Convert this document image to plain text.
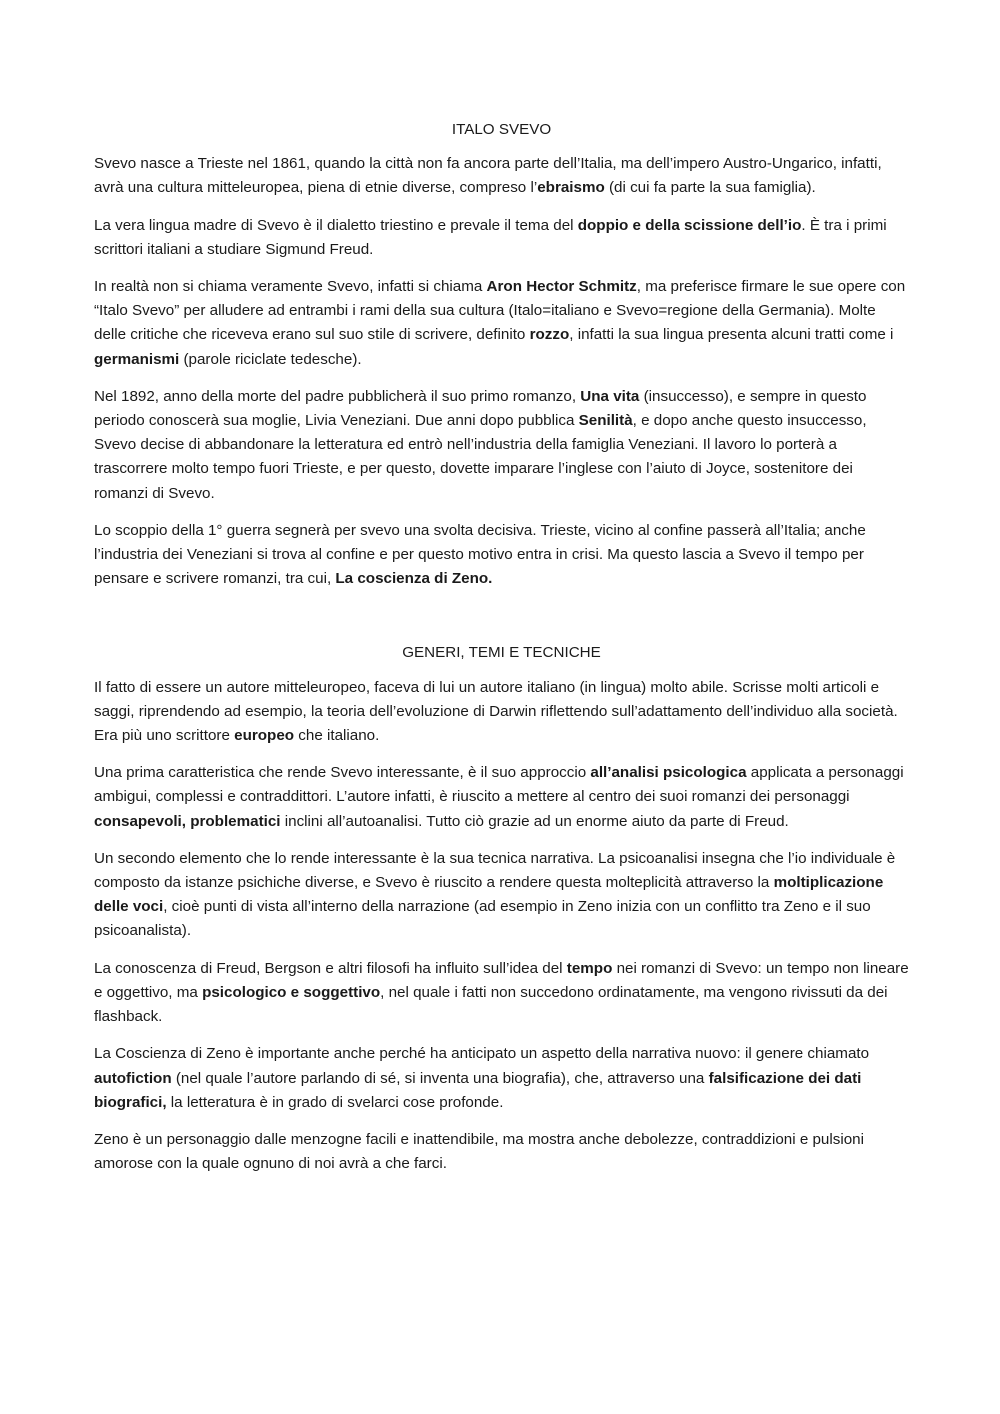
ITALO SVEVO
Svevo nasce a Trieste nel 1861, quando la città non fa ancora parte dell’Italia, ma dell’impero Austro-Ungarico, infatti, avrà una cultura mitteleuropea, piena di etnie diverse, compreso l’ebraismo (di cui fa parte la sua famiglia).
La vera lingua madre di Svevo è il dialetto triestino e prevale il tema del doppio e della scissione dell’io. È tra i primi scrittori italiani a studiare Sigmund Freud.
In realtà non si chiama veramente Svevo, infatti si chiama Aron Hector Schmitz, ma preferisce firmare le sue opere con “Italo Svevo” per alludere ad entrambi i rami della sua cultura (Italo=italiano e Svevo=regione della Germania). Molte delle critiche che riceveva erano sul suo stile di scrivere, definito rozzo, infatti la sua lingua presenta alcuni tratti come i germanismi (parole riciclate tedesche).
Nel 1892, anno della morte del padre pubblicherà il suo primo romanzo, Una vita (insuccesso), e sempre in questo periodo conoscerà sua moglie, Livia Veneziani. Due anni dopo pubblica Senilità, e dopo anche questo insuccesso, Svevo decise di abbandonare la letteratura ed entrò nell’industria della famiglia Veneziani. Il lavoro lo porterà a trascorrere molto tempo fuori Trieste, e per questo, dovette imparare l’inglese con l’aiuto di Joyce, sostenitore dei romanzi di Svevo.
Lo scoppio della 1° guerra segnerà per svevo una svolta decisiva. Trieste, vicino al confine passerà all’Italia; anche l’industria dei Veneziani si trova al confine e per questo motivo entra in crisi. Ma questo lascia a Svevo il tempo per pensare e scrivere romanzi, tra cui, La coscienza di Zeno.
GENERI, TEMI E TECNICHE
Il fatto di essere un autore mitteleuropeo, faceva di lui un autore italiano (in lingua) molto abile. Scrisse molti articoli e saggi, riprendendo ad esempio, la teoria dell’evoluzione di Darwin riflettendo sull’adattamento dell’individuo alla società. Era più uno scrittore europeo che italiano.
Una prima caratteristica che rende Svevo interessante, è il suo approccio all’analisi psicologica applicata a personaggi ambigui, complessi e contraddittori. L’autore infatti, è riuscito a mettere al centro dei suoi romanzi dei personaggi consapevoli, problematici inclini all’autoanalisi. Tutto ciò grazie ad un enorme aiuto da parte di Freud.
Un secondo elemento che lo rende interessante è la sua tecnica narrativa. La psicoanalisi insegna che l’io individuale è composto da istanze psichiche diverse, e Svevo è riuscito a rendere questa molteplicità attraverso la moltiplicazione delle voci, cioè punti di vista all’interno della narrazione (ad esempio in Zeno inizia con un conflitto tra Zeno e il suo psicoanalista).
La conoscenza di Freud, Bergson e altri filosofi ha influito sull’idea del tempo nei romanzi di Svevo: un tempo non lineare e oggettivo, ma psicologico e soggettivo, nel quale i fatti non succedono ordinatamente, ma vengono rivissuti da dei flashback.
La Coscienza di Zeno è importante anche perché ha anticipato un aspetto della narrativa nuovo: il genere chiamato autofiction (nel quale l’autore parlando di sé, si inventa una biografia), che, attraverso una falsificazione dei dati biografici, la letteratura è in grado di svelarci cose profonde.
Zeno è un personaggio dalle menzogne facili e inattendibile, ma mostra anche debolezze, contraddizioni e pulsioni amorose con la quale ognuno di noi avrà a che farci.
